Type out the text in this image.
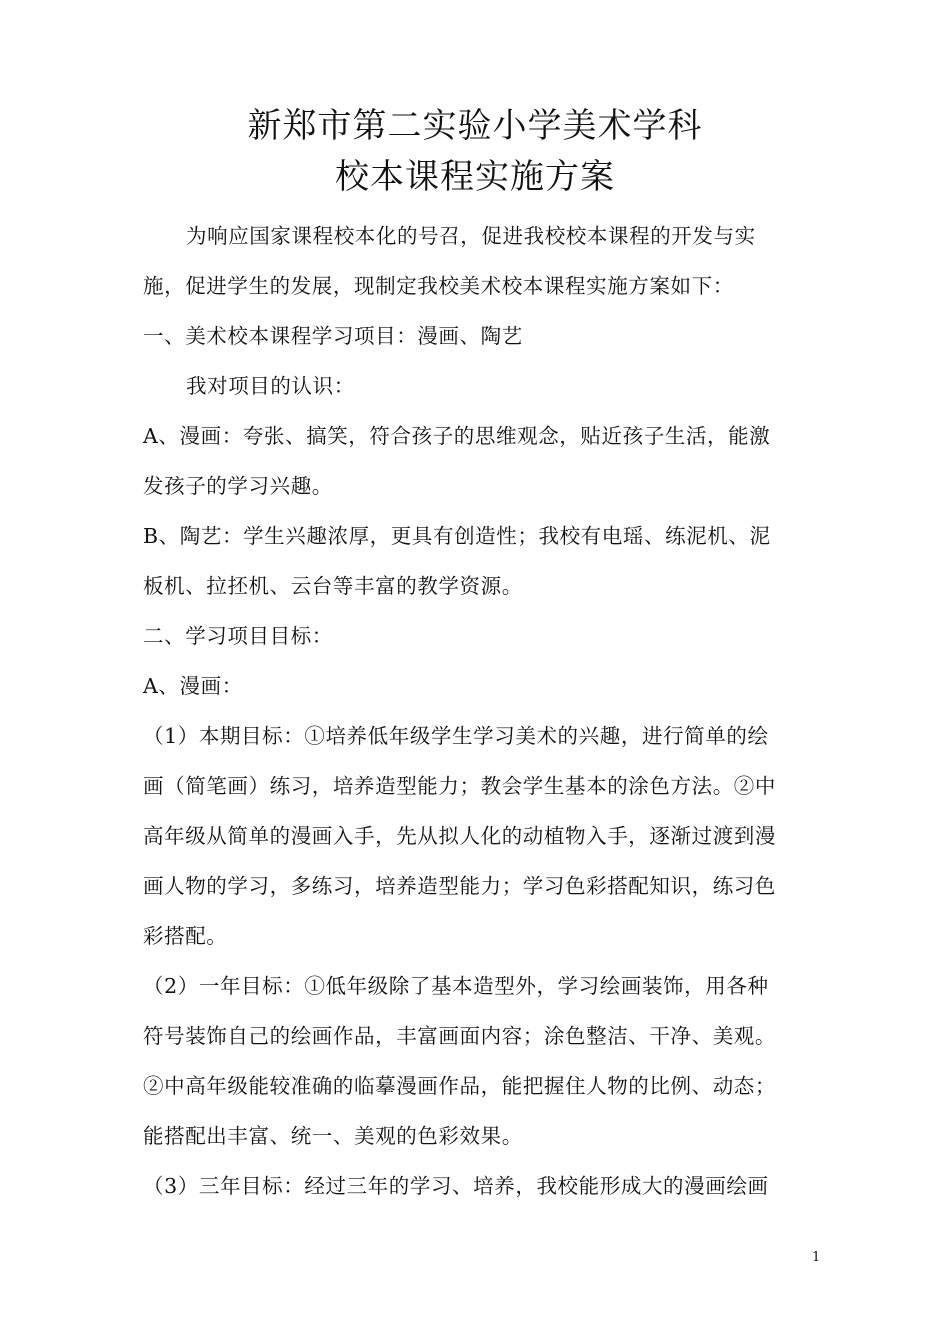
新郑市第二实验小学美术学科
校本课程实施方案
为响应国家课程校本化的号召，促进我校校本课程的开发与实
施，促进学生的发展，现制定我校美术校本课程实施方案如下：
一、美术校本课程学习项目：漫画、陶艺
我对项目的认识：
A、漫画：夸张、搞笑，符合孩子的思维观念，贴近孩子生活，能激
发孩子的学习兴趣。
B、陶艺：学生兴趣浓厚，更具有创造性；我校有电瑶、练泥机、泥
板机、拉抷机、云台等丰富的教学资源。
二、学习项目目标：
A、漫画：
（1）本期目标：①培养低年级学生学习美术的兴趣，进行简单的绘
画（简笔画）练习，培养造型能力；教会学生基本的涂色方法。②中
高年级从简单的漫画入手，先从拟人化的动植物入手，逐渐过渡到漫
画人物的学习，多练习，培养造型能力；学习色彩搭配知识，练习色
彩搭配。
（2）一年目标：①低年级除了基本造型外，学习绘画装饰，用各种
符号装饰自己的绘画作品，丰富画面内容；涂色整洁、干净、美观。
②中高年级能较准确的临摹漫画作品，能把握住人物的比例、动态；
能搭配出丰富、统一、美观的色彩效果。
（3）三年目标：经过三年的学习、培养，我校能形成大的漫画绘画
1
